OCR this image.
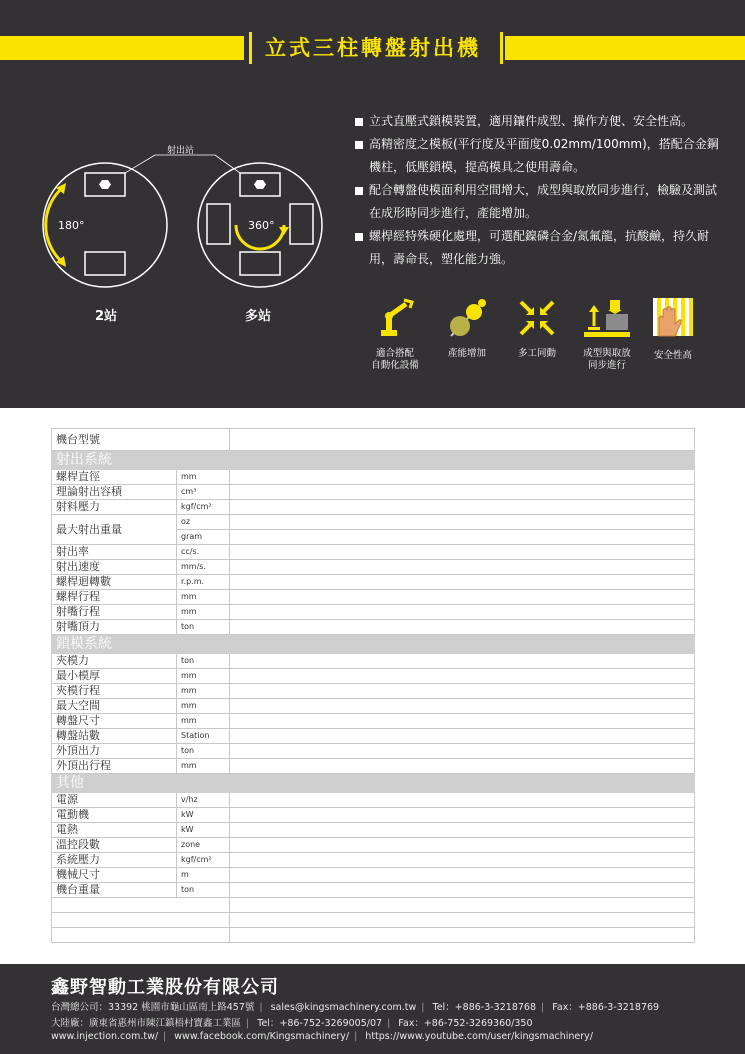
立式三柱轉盤射出機
180°
2站
360°
多站
射出站
立式直壓式鎖模裝置，適用鑲件成型、操作方便、安全性高。
高精密度之模板(平行度及平面度0.02mm/100mm)，搭配合金鋼機柱，低壓鎖模，提高模具之使用壽命。
配合轉盤使模面利用空間增大，成型與取放同步進行，檢驗及測試在成形時同步進行，產能增加。
螺桿經特殊硬化處理，可選配鎳磷合金/氮氟龍，抗酸鹼，持久耐用，壽命長，塑化能力強。
適合搭配
自動化設備
產能增加	多工同動	成型與取放
同步進行
安全性高
機台型號		
射出系統		
螺桿直徑	mm	
理論射出容積	cm³	
射料壓力	kgf/cm²	
最大射出重量	oz	
	gram	
射出率	cc/s.	
射出速度	mm/s.	
螺桿迴轉數	r.p.m.	
螺桿行程	mm	
射嘴行程	mm	
射嘴頂力	ton	
鎖模系統		
夾模力	ton	
最小模厚	mm	
夾模行程	mm	
最大空間	mm	
轉盤尺寸	mm	
轉盤站數	Station	
外頂出力	ton	
外頂出行程	mm	
其他		
電源	v/hz	
電動機	kW	
電熱	kW	
溫控段數	zone	
系統壓力	kgf/cm²	
機械尺寸	m	
機台重量	ton	

鑫野智動工業股份有限公司
台灣總公司：33392 桃園市龜山區南上路457號 | sales@kingsmachinery.com.tw | Tel：+886-3-3218768 | Fax：+886-3-3218769
大陸廠：廣東省惠州市陳江鎮梧村寶鑫工業區 | Tel：+86-752-3269005/07 | Fax：+86-752-3269360/350
www.injection.com.tw/ | www.facebook.com/Kingsmachinery/ | https://www.youtube.com/user/kingsmachinery/
